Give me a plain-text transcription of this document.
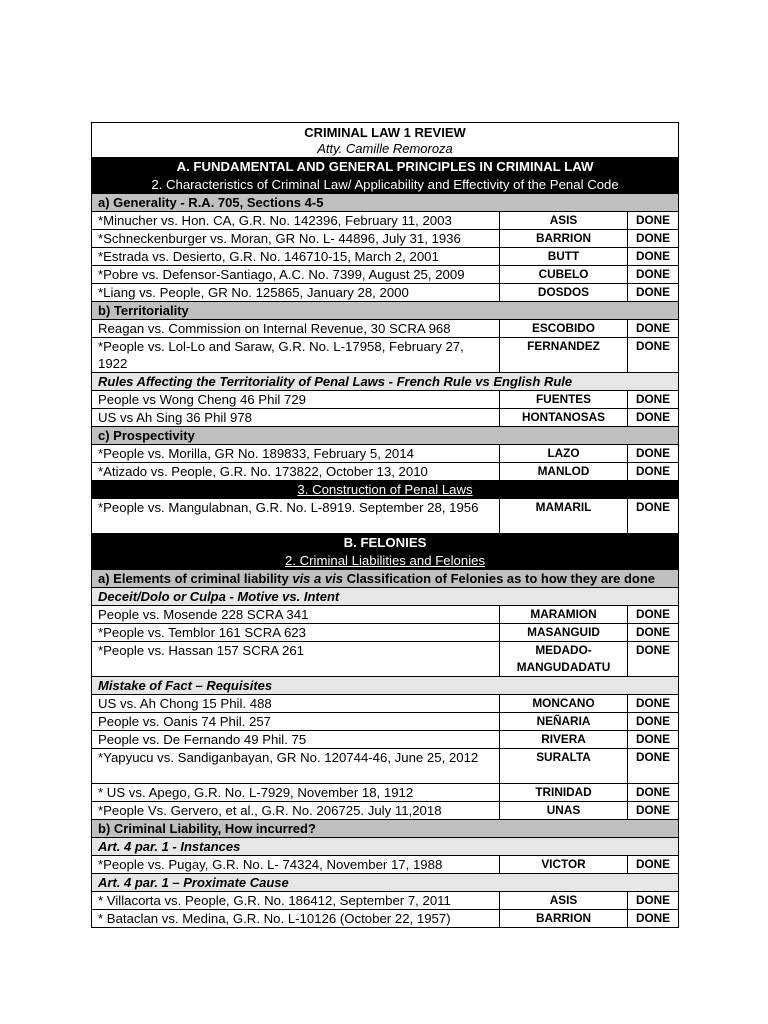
CRIMINAL LAW 1 REVIEW		
Atty. Camille Remoroza		
A. FUNDAMENTAL AND GENERAL PRINCIPLES IN CRIMINAL LAW		
2. Characteristics of Criminal Law/ Applicability and Effectivity of the Penal Code		
a) Generality - R.A. 705, Sections 4-5		
*Minucher vs. Hon. CA, G.R. No. 142396, February 11, 2003	ASIS	DONE
*Schneckenburger vs. Moran, GR No. L- 44896, July 31, 1936	BARRION	DONE
*Estrada vs. Desierto, G.R. No. 146710-15, March 2, 2001	BUTT	DONE
*Pobre vs. Defensor-Santiago, A.C. No. 7399, August 25, 2009	CUBELO	DONE
*Liang vs. People, GR No. 125865, January 28, 2000	DOSDOS	DONE
b) Territoriality		
Reagan vs. Commission on Internal Revenue, 30 SCRA 968	ESCOBIDO	DONE
*People vs. Lol-Lo and Saraw, G.R. No. L-17958, February 27, 1922	FERNANDEZ	DONE
Rules Affecting the Territoriality of Penal Laws - French Rule vs English Rule		
People vs Wong Cheng 46 Phil 729	FUENTES	DONE
US vs Ah Sing 36 Phil 978	HONTANOSAS	DONE
c) Prospectivity		
*People vs. Morilla, GR No. 189833, February 5, 2014	LAZO	DONE
*Atizado vs. People, G.R. No. 173822, October 13, 2010	MANLOD	DONE
3. Construction of Penal Laws		
*People vs. Mangulabnan, G.R. No. L-8919. September 28, 1956	MAMARIL	DONE
B. FELONIES		
2. Criminal Liabilities and Felonies		
a) Elements of criminal liability vis a vis Classification of Felonies as to how they are done		
Deceit/Dolo or Culpa - Motive vs. Intent		
People vs. Mosende 228 SCRA 341	MARAMION	DONE
*People vs. Temblor 161 SCRA 623	MASANGUID	DONE
*People vs. Hassan 157 SCRA 261	MEDADO-MANGUDADATU	DONE
Mistake of Fact – Requisites		
US vs. Ah Chong 15 Phil. 488	MONCANO	DONE
People vs. Oanis 74 Phil. 257	NEÑARIA	DONE
People vs. De Fernando 49 Phil. 75	RIVERA	DONE
*Yapyucu vs. Sandiganbayan, GR No. 120744-46, June 25, 2012	SURALTA	DONE
* US vs. Apego, G.R. No. L-7929, November 18, 1912	TRINIDAD	DONE
*People Vs. Gervero, et al., G.R. No. 206725. July 11,2018	UNAS	DONE
b) Criminal Liability, How incurred?		
Art. 4 par. 1 - Instances		
*People vs. Pugay, G.R. No. L- 74324, November 17, 1988	VICTOR	DONE
Art. 4 par. 1 – Proximate Cause		
* Villacorta vs. People, G.R. No. 186412, September 7, 2011	ASIS	DONE
* Bataclan vs. Medina, G.R. No. L-10126 (October 22, 1957)	BARRION	DONE
